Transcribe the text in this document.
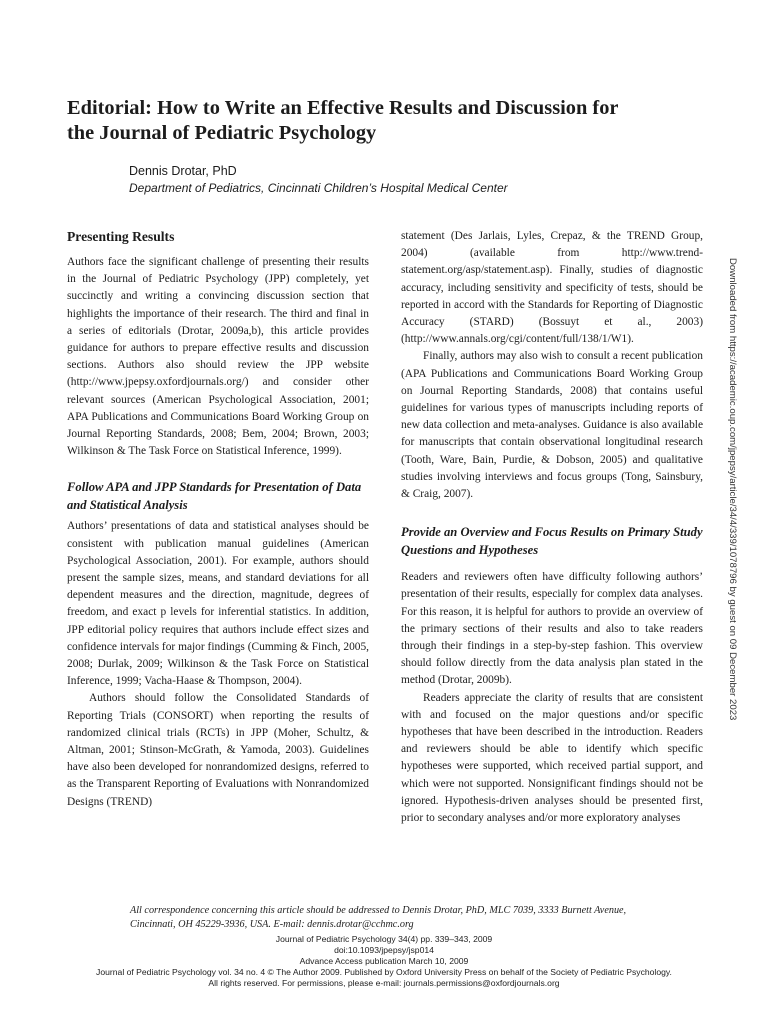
Editorial: How to Write an Effective Results and Discussion for
the Journal of Pediatric Psychology
Dennis Drotar, PhD
Department of Pediatrics, Cincinnati Children’s Hospital Medical Center
Presenting Results

Authors face the significant challenge of presenting their results in the Journal of Pediatric Psychology (JPP) completely, yet succinctly and writing a convincing discussion section that highlights the importance of their research. The third and final in a series of editorials (Drotar, 2009a,b), this article provides guidance for authors to prepare effective results and discussion sections. Authors also should review the JPP website (http://www.jpepsy.oxfordjournals.org/) and consider other relevant sources (American Psychological Association, 2001; APA Publications and Communications Board Working Group on Journal Reporting Standards, 2008; Bem, 2004; Brown, 2003; Wilkinson & The Task Force on Statistical Inference, 1999).

Follow APA and JPP Standards for Presentation of Data and Statistical Analysis

Authors’ presentations of data and statistical analyses should be consistent with publication manual guidelines (American Psychological Association, 2001). For example, authors should present the sample sizes, means, and standard deviations for all dependent measures and the direction, magnitude, degrees of freedom, and exact p levels for inferential statistics. In addition, JPP editorial policy requires that authors include effect sizes and confidence intervals for major findings (Cumming & Finch, 2005, 2008; Durlak, 2009; Wilkinson & the Task Force on Statistical Inference, 1999; Vacha-Haase & Thompson, 2004).

Authors should follow the Consolidated Standards of Reporting Trials (CONSORT) when reporting the results of randomized clinical trials (RCTs) in JPP (Moher, Schultz, & Altman, 2001; Stinson-McGrath, & Yamoda, 2003). Guidelines have also been developed for nonrandomized designs, referred to as the Transparent Reporting of Evaluations with Nonrandomized Designs (TREND)

statement (Des Jarlais, Lyles, Crepaz, & the TREND Group, 2004) (available from http://www.trend-statement.org/asp/statement.asp). Finally, studies of diagnostic accuracy, including sensitivity and specificity of tests, should be reported in accord with the Standards for Reporting of Diagnostic Accuracy (STARD) (Bossuyt et al., 2003) (http://www.annals.org/cgi/content/full/138/1/W1).

Finally, authors may also wish to consult a recent publication (APA Publications and Communications Board Working Group on Journal Reporting Standards, 2008) that contains useful guidelines for various types of manuscripts including reports of new data collection and meta-analyses. Guidance is also available for manuscripts that contain observational longitudinal research (Tooth, Ware, Bain, Purdie, & Dobson, 2005) and qualitative studies involving interviews and focus groups (Tong, Sainsbury, & Craig, 2007).

Provide an Overview and Focus Results on Primary Study Questions and Hypotheses

Readers and reviewers often have difficulty following authors’ presentation of their results, especially for complex data analyses. For this reason, it is helpful for authors to provide an overview of the primary sections of their results and also to take readers through their findings in a step-by-step fashion. This overview should follow directly from the data analysis plan stated in the method (Drotar, 2009b).

Readers appreciate the clarity of results that are consistent with and focused on the major questions and/or specific hypotheses that have been described in the introduction. Readers and reviewers should be able to identify which specific hypotheses were supported, which received partial support, and which were not supported. Nonsignificant findings should not be ignored. Hypothesis-driven analyses should be presented first, prior to secondary analyses and/or more exploratory analyses

Downloaded from https://academic.oup.com/jpepsy/article/34/4/339/1078796 by guest on 09 December 2023
All correspondence concerning this article should be addressed to Dennis Drotar, PhD, MLC 7039, 3333 Burnett Avenue, Cincinnati, OH 45229-3936, USA. E-mail: dennis.drotar@cchmc.org
Journal of Pediatric Psychology 34(4) pp. 339–343, 2009
doi:10.1093/jpepsy/jsp014
Advance Access publication March 10, 2009
Journal of Pediatric Psychology vol. 34 no. 4 © The Author 2009. Published by Oxford University Press on behalf of the Society of Pediatric Psychology.
All rights reserved. For permissions, please e-mail: journals.permissions@oxfordjournals.org
